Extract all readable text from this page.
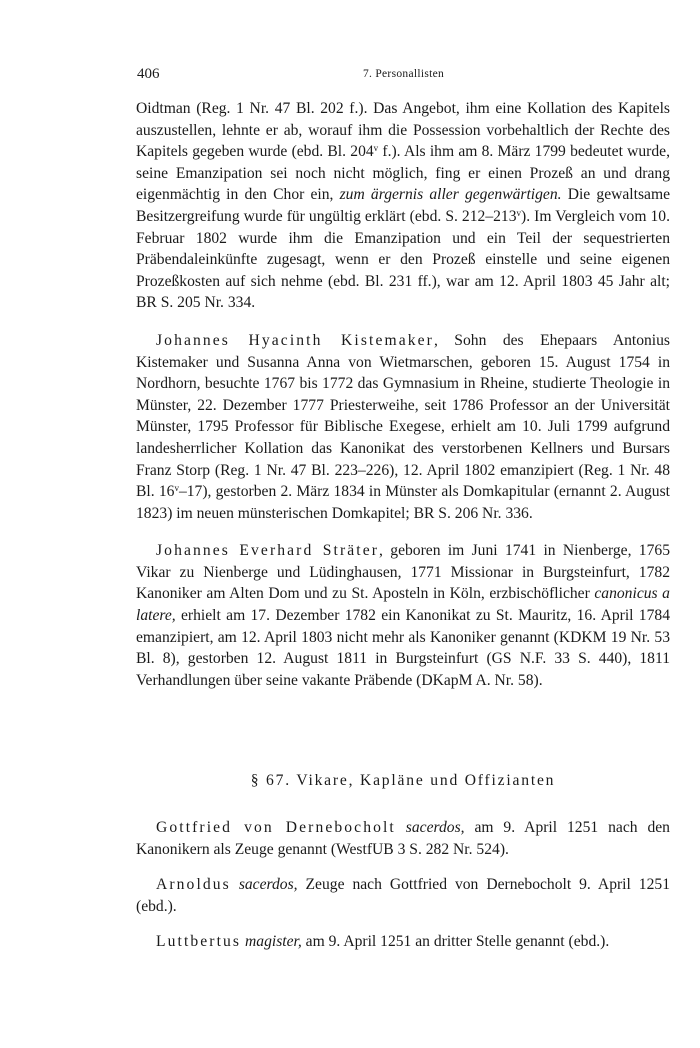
406	7. Personallisten

Oidtman (Reg. 1 Nr. 47 Bl. 202 f.). Das Angebot, ihm eine Kollation des Kapitels auszustellen, lehnte er ab, worauf ihm die Possession vorbehaltlich der Rechte des Kapitels gegeben wurde (ebd. Bl. 204$^v$ f.). Als ihm am 8. März 1799 bedeutet wurde, seine Emanzipation sei noch nicht möglich, fing er einen Prozeß an und drang eigenmächtig in den Chor ein, zum ärgernis aller gegenwärtigen. Die gewaltsame Besitzergreifung wurde für ungültig erklärt (ebd. S. 212–213$^v$). Im Vergleich vom 10. Februar 1802 wurde ihm die Emanzipation und ein Teil der sequestrierten Präbendaleinkünfte zugesagt, wenn er den Prozeß einstelle und seine eigenen Prozeßkosten auf sich nehme (ebd. Bl. 231 ff.), war am 12. April 1803 45 Jahr alt; BR S. 205 Nr. 334.

Johannes Hyacinth Kistemaker, Sohn des Ehepaars Antonius Kistemaker und Susanna Anna von Wietmarschen, geboren 15. August 1754 in Nordhorn, besuchte 1767 bis 1772 das Gymnasium in Rheine, studierte Theologie in Münster, 22. Dezember 1777 Priesterweihe, seit 1786 Professor an der Universität Münster, 1795 Professor für Biblische Exegese, erhielt am 10. Juli 1799 aufgrund landesherrlicher Kollation das Kanonikat des verstorbenen Kellners und Bursars Franz Storp (Reg. 1 Nr. 47 Bl. 223–226), 12. April 1802 emanzipiert (Reg. 1 Nr. 48 Bl. 16$^v$–17), gestorben 2. März 1834 in Münster als Domkapitular (ernannt 2. August 1823) im neuen münsterischen Domkapitel; BR S. 206 Nr. 336.

Johannes Everhard Sträter, geboren im Juni 1741 in Nienberge, 1765 Vikar zu Nienberge und Lüdinghausen, 1771 Missionar in Burgsteinfurt, 1782 Kanoniker am Alten Dom und zu St. Aposteln in Köln, erzbischöflicher canonicus a latere, erhielt am 17. Dezember 1782 ein Kanonikat zu St. Mauritz, 16. April 1784 emanzipiert, am 12. April 1803 nicht mehr als Kanoniker genannt (KDKM 19 Nr. 53 Bl. 8), gestorben 12. August 1811 in Burgsteinfurt (GS N.F. 33 S. 440), 1811 Verhandlungen über seine vakante Präbende (DKapM A. Nr. 58).

§ 67. Vikare, Kapläne und Offizianten

Gottfried von Dernebocholt sacerdos, am 9. April 1251 nach den Kanonikern als Zeuge genannt (WestfUB 3 S. 282 Nr. 524).

Arnoldus sacerdos, Zeuge nach Gottfried von Dernebocholt 9. April 1251 (ebd.).

Luttbertus magister, am 9. April 1251 an dritter Stelle genannt (ebd.).
